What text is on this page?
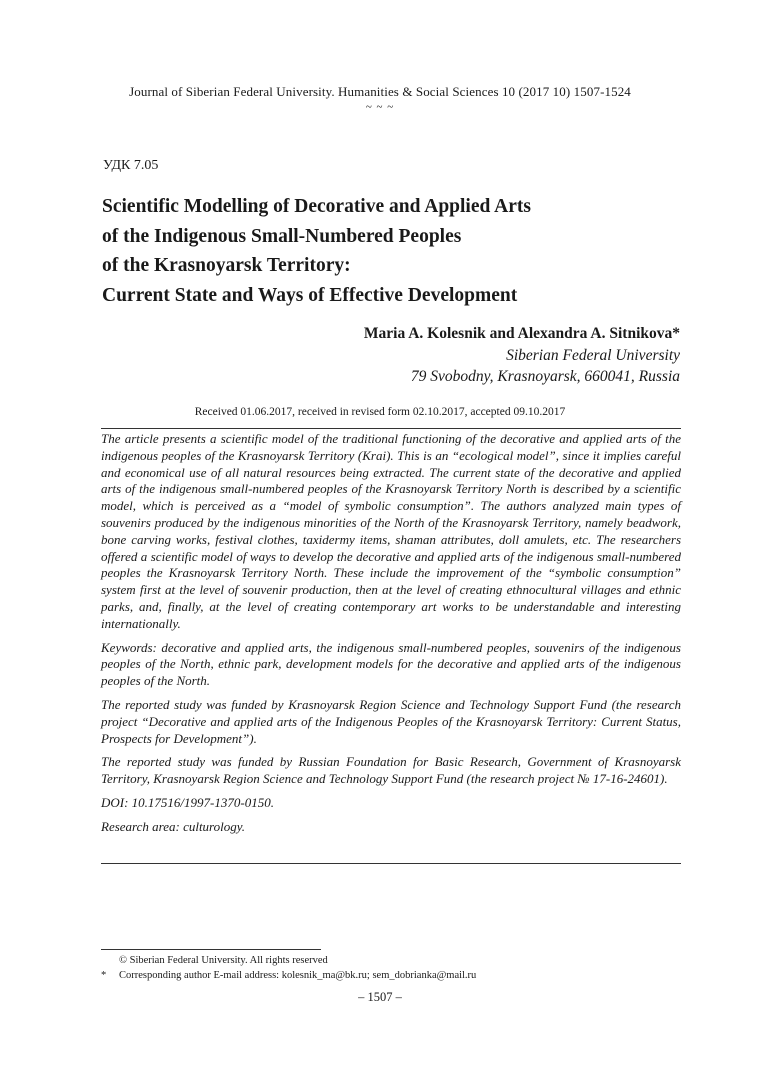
Journal of Siberian Federal University. Humanities & Social Sciences 10 (2017 10) 1507-1524
~ ~ ~
УДК 7.05
Scientific Modelling of Decorative and Applied Arts
of the Indigenous Small-Numbered Peoples
of the Krasnoyarsk Territory:
Current State and Ways of Effective Development
Maria A. Kolesnik and Alexandra A. Sitnikova*
Siberian Federal University
79 Svobodny, Krasnoyarsk, 660041, Russia
Received 01.06.2017, received in revised form 02.10.2017, accepted 09.10.2017

The article presents a scientific model of the traditional functioning of the decorative and applied arts of the indigenous peoples of the Krasnoyarsk Territory (Krai). This is an “ecological model”, since it implies careful and economical use of all natural resources being extracted. The current state of the decorative and applied arts of the indigenous small-numbered peoples of the Krasnoyarsk Territory North is described by a scientific model, which is perceived as a “model of symbolic consumption”. The authors analyzed main types of souvenirs produced by the indigenous minorities of the North of the Krasnoyarsk Territory, namely beadwork, bone carving works, festival clothes, taxidermy items, shaman attributes, doll amulets, etc. The researchers offered a scientific model of ways to develop the decorative and applied arts of the indigenous small-numbered peoples the Krasnoyarsk Territory North. These include the improvement of the “symbolic consumption” system first at the level of souvenir production, then at the level of creating ethnocultural villages and ethnic parks, and, finally, at the level of creating contemporary art works to be understandable and interesting internationally.

Keywords: decorative and applied arts, the indigenous small-numbered peoples, souvenirs of the indigenous peoples of the North, ethnic park, development models for the decorative and applied arts of the indigenous peoples of the North.

The reported study was funded by Krasnoyarsk Region Science and Technology Support Fund (the research project “Decorative and applied arts of the Indigenous Peoples of the Krasnoyarsk Territory: Current Status, Prospects for Development”).

The reported study was funded by Russian Foundation for Basic Research, Government of Krasnoyarsk Territory, Krasnoyarsk Region Science and Technology Support Fund (the research project № 17-16-24601).

DOI: 10.17516/1997-1370-0150.

Research area: culturology.

© Siberian Federal University. All rights reserved
* Corresponding author E-mail address: kolesnik_ma@bk.ru; sem_dobrianka@mail.ru
– 1507 –
